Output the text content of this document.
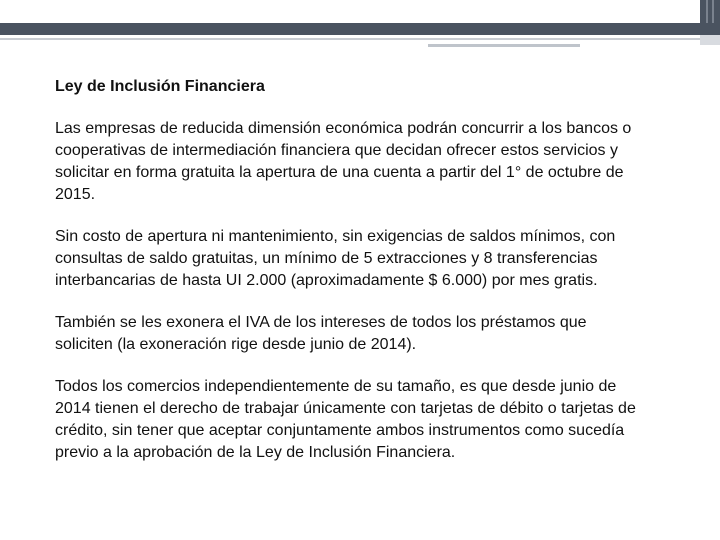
Ley de Inclusión Financiera

Las empresas de reducida dimensión económica podrán concurrir a los bancos o cooperativas de intermediación financiera que decidan ofrecer estos servicios y solicitar en forma gratuita la apertura de una cuenta a partir del 1° de octubre de 2015.

Sin costo de apertura ni mantenimiento, sin exigencias de saldos mínimos, con consultas de saldo gratuitas, un mínimo de 5 extracciones y 8 transferencias interbancarias de hasta UI 2.000 (aproximadamente $ 6.000) por mes gratis.

También se les exonera el IVA de los intereses de todos los préstamos que soliciten (la exoneración rige desde junio de 2014).

Todos los comercios independientemente de su tamaño, es que desde junio de 2014 tienen el derecho de trabajar únicamente con tarjetas de débito o tarjetas de crédito, sin tener que aceptar conjuntamente ambos instrumentos como sucedía previo a la aprobación de la Ley de Inclusión Financiera.
